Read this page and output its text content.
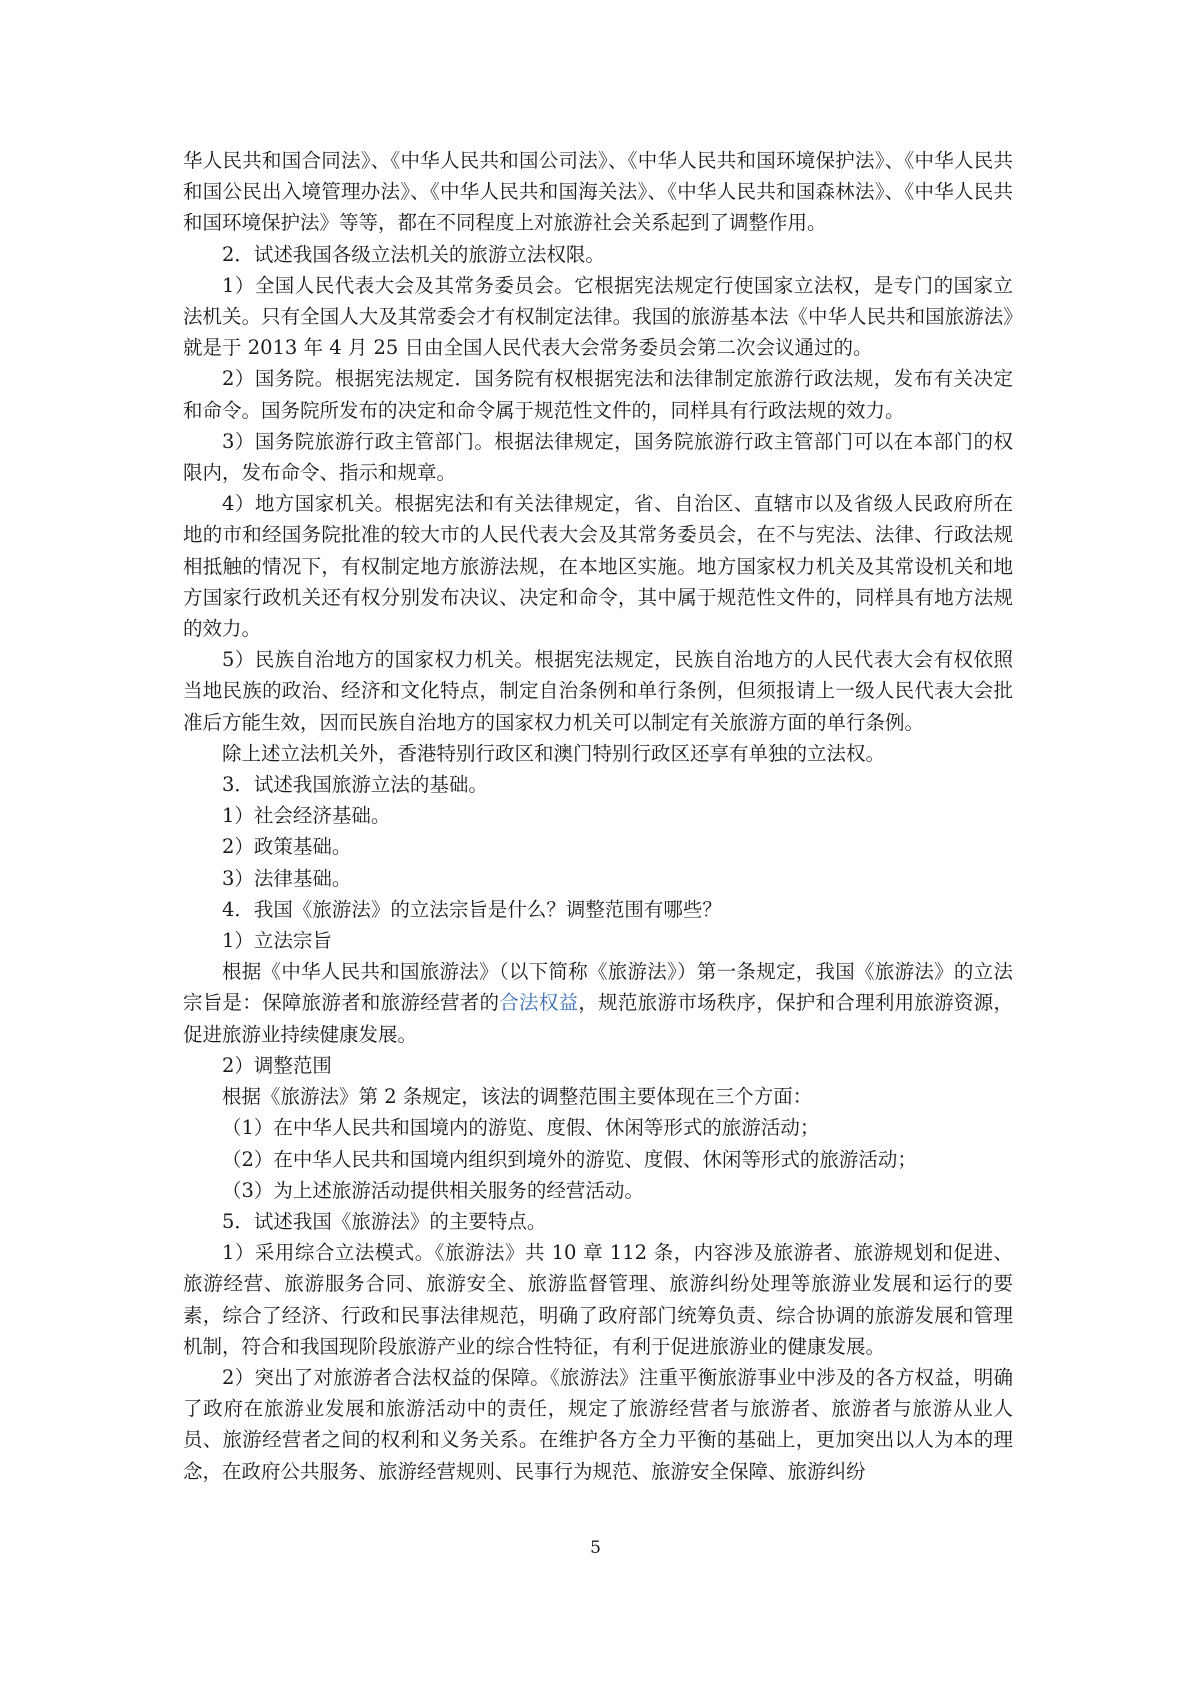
华人民共和国合同法》、《中华人民共和国公司法》、《中华人民共和国环境保护法》、《中华人民共和国公民出入境管理办法》、《中华人民共和国海关法》、《中华人民共和国森林法》、《中华人民共和国环境保护法》等等，都在不同程度上对旅游社会关系起到了调整作用。

2．试述我国各级立法机关的旅游立法权限。

1）全国人民代表大会及其常务委员会。它根据宪法规定行使国家立法权，是专门的国家立法机关。只有全国人大及其常委会才有权制定法律。我国的旅游基本法《中华人民共和国旅游法》就是于 2013 年 4 月 25 日由全国人民代表大会常务委员会第二次会议通过的。

2）国务院。根据宪法规定．国务院有权根据宪法和法律制定旅游行政法规，发布有关决定和命令。国务院所发布的决定和命令属于规范性文件的，同样具有行政法规的效力。

3）国务院旅游行政主管部门。根据法律规定，国务院旅游行政主管部门可以在本部门的权限内，发布命令、指示和规章。

4）地方国家机关。根据宪法和有关法律规定，省、自治区、直辖市以及省级人民政府所在地的市和经国务院批准的较大市的人民代表大会及其常务委员会，在不与宪法、法律、行政法规相抵触的情况下，有权制定地方旅游法规，在本地区实施。地方国家权力机关及其常设机关和地方国家行政机关还有权分别发布决议、决定和命令，其中属于规范性文件的，同样具有地方法规的效力。

5）民族自治地方的国家权力机关。根据宪法规定，民族自治地方的人民代表大会有权依照当地民族的政治、经济和文化特点，制定自治条例和单行条例，但须报请上一级人民代表大会批准后方能生效，因而民族自治地方的国家权力机关可以制定有关旅游方面的单行条例。

除上述立法机关外，香港特别行政区和澳门特别行政区还享有单独的立法权。

3．试述我国旅游立法的基础。

1）社会经济基础。

2）政策基础。

3）法律基础。

4．我国《旅游法》的立法宗旨是什么？调整范围有哪些？

1）立法宗旨

根据《中华人民共和国旅游法》（以下简称《旅游法》）第一条规定，我国《旅游法》的立法宗旨是：保障旅游者和旅游经营者的合法权益，规范旅游市场秩序，保护和合理利用旅游资源，促进旅游业持续健康发展。

2）调整范围

根据《旅游法》第 2 条规定，该法的调整范围主要体现在三个方面：

（1）在中华人民共和国境内的游览、度假、休闲等形式的旅游活动；

（2）在中华人民共和国境内组织到境外的游览、度假、休闲等形式的旅游活动；

（3）为上述旅游活动提供相关服务的经营活动。

5．试述我国《旅游法》的主要特点。

1）采用综合立法模式。《旅游法》共 10 章 112 条，内容涉及旅游者、旅游规划和促进、旅游经营、旅游服务合同、旅游安全、旅游监督管理、旅游纠纷处理等旅游业发展和运行的要素，综合了经济、行政和民事法律规范，明确了政府部门统筹负责、综合协调的旅游发展和管理机制，符合和我国现阶段旅游产业的综合性特征，有利于促进旅游业的健康发展。

2）突出了对旅游者合法权益的保障。《旅游法》注重平衡旅游事业中涉及的各方权益，明确了政府在旅游业发展和旅游活动中的责任，规定了旅游经营者与旅游者、旅游者与旅游从业人员、旅游经营者之间的权利和义务关系。在维护各方全力平衡的基础上，更加突出以人为本的理念，在政府公共服务、旅游经营规则、民事行为规范、旅游安全保障、旅游纠纷

5
